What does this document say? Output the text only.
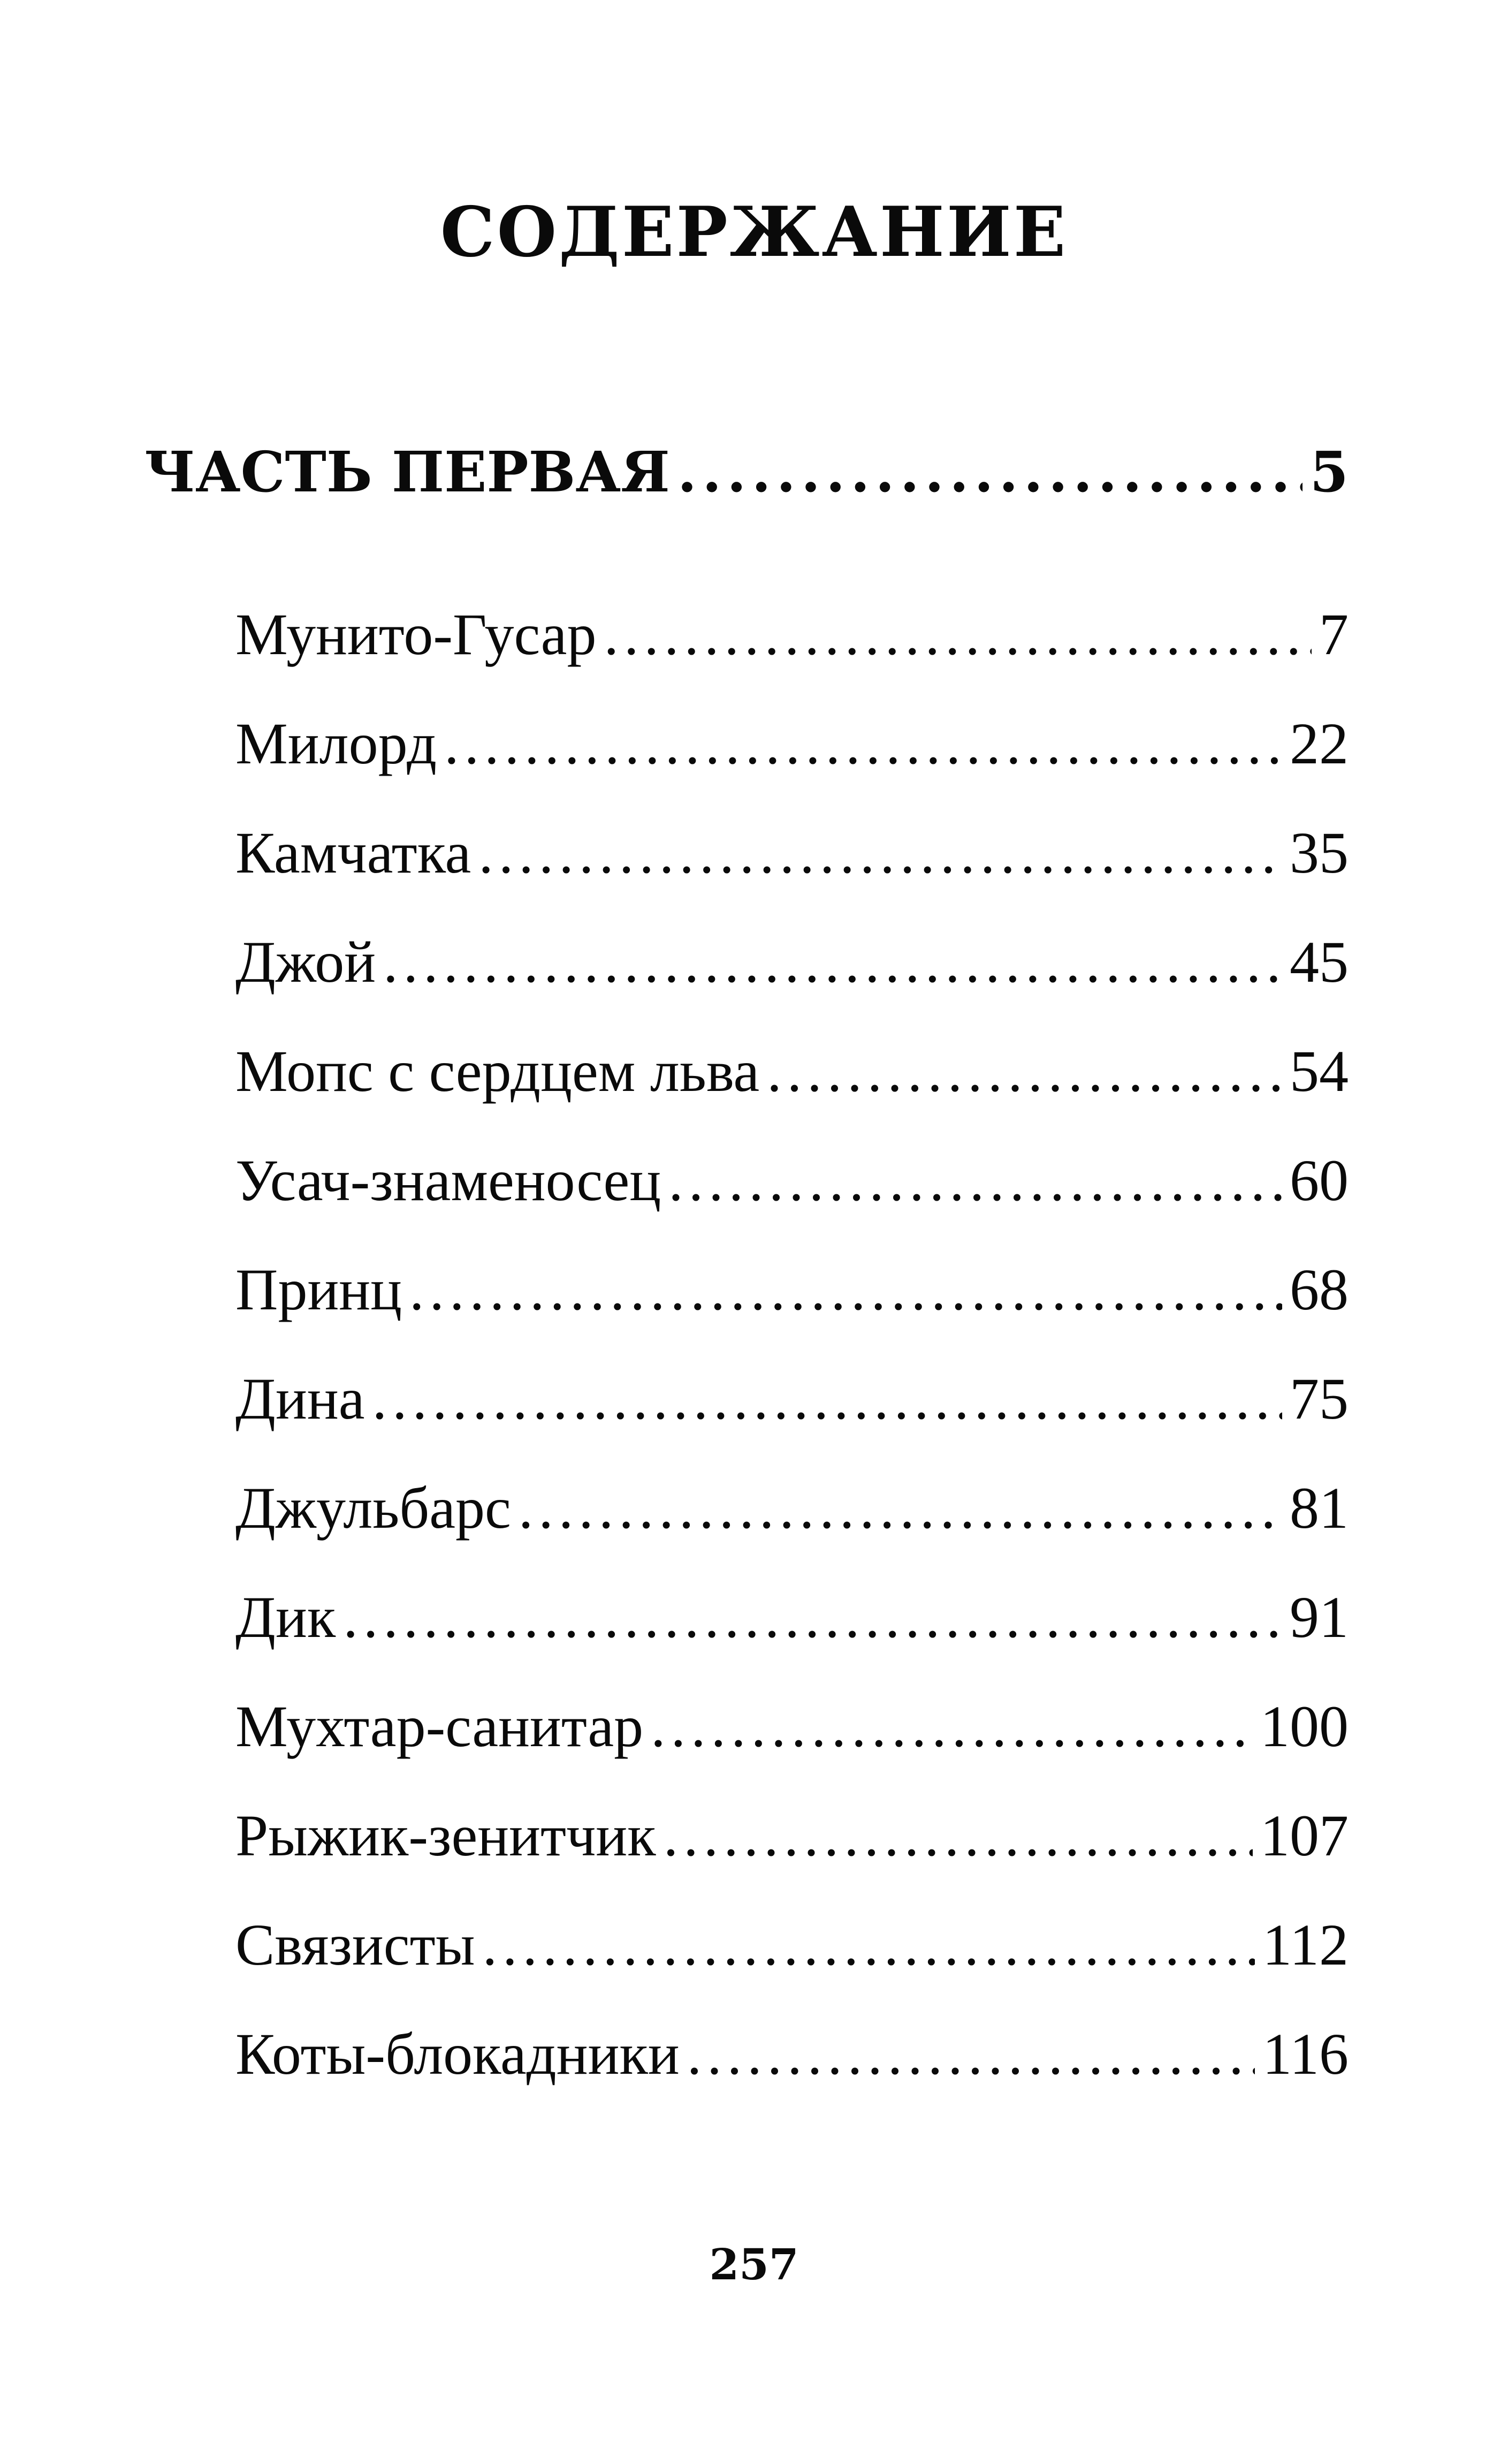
СОДЕРЖАНИЕ
ЧАСТЬ ПЕРВАЯ .....	5
Мунито-Гусар .....	7
Милорд .....	22
Камчатка .....	35
Джой .....	45
Мопс с сердцем льва .....	54
Усач-знаменосец .....	60
Принц .....	68
Дина .....	75
Джульбарс .....	81
Дик .....	91
Мухтар-санитар .....	100
Рыжик-зенитчик .....	107
Связисты .....	112
Коты-блокадники .....	116
257
